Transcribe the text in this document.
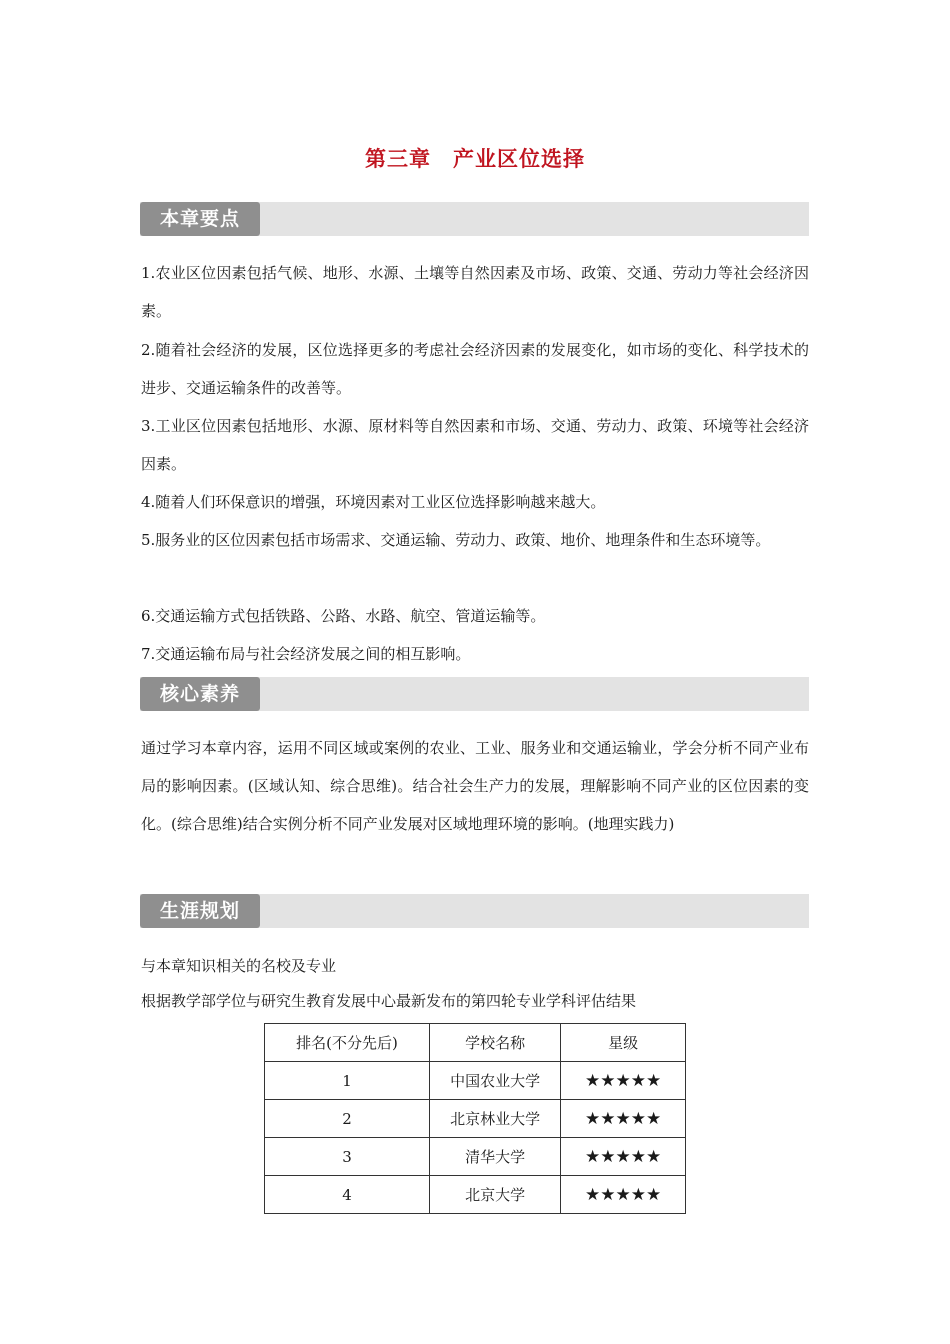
第三章　产业区位选择
本章要点
1.农业区位因素包括气候、地形、水源、土壤等自然因素及市场、政策、交通、劳动力等社会经济因素。
2.随着社会经济的发展，区位选择更多的考虑社会经济因素的发展变化，如市场的变化、科学技术的进步、交通运输条件的改善等。
3.工业区位因素包括地形、水源、原材料等自然因素和市场、交通、劳动力、政策、环境等社会经济因素。
4.随着人们环保意识的增强，环境因素对工业区位选择影响越来越大。
5.服务业的区位因素包括市场需求、交通运输、劳动力、政策、地价、地理条件和生态环境等。
6.交通运输方式包括铁路、公路、水路、航空、管道运输等。
7.交通运输布局与社会经济发展之间的相互影响。
核心素养
通过学习本章内容，运用不同区域或案例的农业、工业、服务业和交通运输业，学会分析不同产业布局的影响因素。(区域认知、综合思维)。结合社会生产力的发展，理解影响不同产业的区位因素的变化。(综合思维)结合实例分析不同产业发展对区域地理环境的影响。(地理实践力)
生涯规划
与本章知识相关的名校及专业
根据教学部学位与研究生教育发展中心最新发布的第四轮专业学科评估结果
排名(不分先后)	学校名称	星级
1	中国农业大学	★★★★★
2	北京林业大学	★★★★★
3	清华大学	★★★★★
4	北京大学	★★★★★
